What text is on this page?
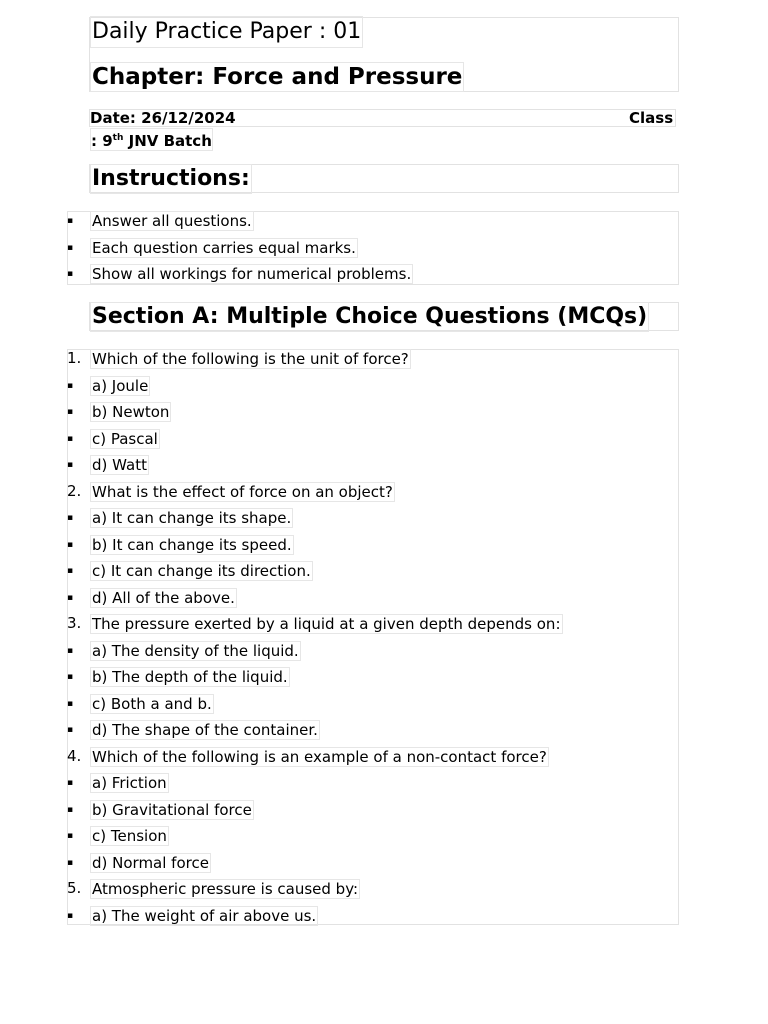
Daily Practice Paper : 01
Chapter: Force and Pressure
Date: 26/12/2024	Class
: 9th JNV Batch
Instructions:
▪ Answer all questions.
▪ Each question carries equal marks.
▪ Show all workings for numerical problems.
Section A: Multiple Choice Questions (MCQs)
1. Which of the following is the unit of force?
▪ a) Joule
▪ b) Newton
▪ c) Pascal
▪ d) Watt
2. What is the effect of force on an object?
▪ a) It can change its shape.
▪ b) It can change its speed.
▪ c) It can change its direction.
▪ d) All of the above.
3. The pressure exerted by a liquid at a given depth depends on:
▪ a) The density of the liquid.
▪ b) The depth of the liquid.
▪ c) Both a and b.
▪ d) The shape of the container.
4. Which of the following is an example of a non-contact force?
▪ a) Friction
▪ b) Gravitational force
▪ c) Tension
▪ d) Normal force
5. Atmospheric pressure is caused by:
▪ a) The weight of air above us.
